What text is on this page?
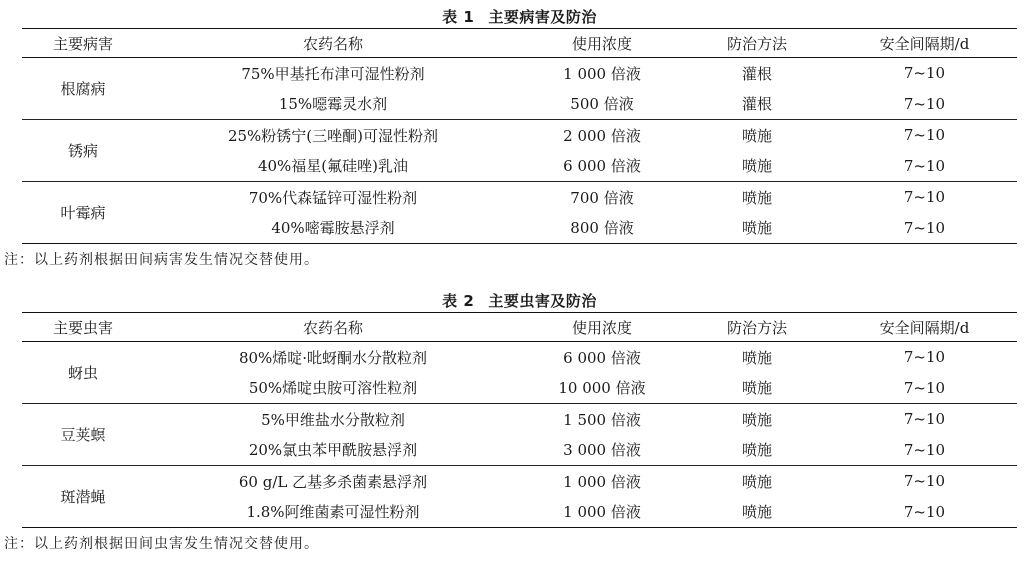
表 1 主要病害及防治
主要病害	农药名称	使用浓度	防治方法	安全间隔期/d
根腐病	75%甲基托布津可湿性粉剂	1 000 倍液	灌根	7~10
	15%噁霉灵水剂	500 倍液	灌根	7~10
锈病	25%粉锈宁(三唑酮)可湿性粉剂	2 000 倍液	喷施	7~10
	40%福星(氟硅唑)乳油	6 000 倍液	喷施	7~10
叶霉病	70%代森锰锌可湿性粉剂	700 倍液	喷施	7~10
	40%嘧霉胺悬浮剂	800 倍液	喷施	7~10
注：以上药剂根据田间病害发生情况交替使用。
表 2 主要虫害及防治
主要虫害	农药名称	使用浓度	防治方法	安全间隔期/d
蚜虫	80%烯啶·吡蚜酮水分散粒剂	6 000 倍液	喷施	7~10
	50%烯啶虫胺可溶性粒剂	10 000 倍液	喷施	7~10
豆荚螟	5%甲维盐水分散粒剂	1 500 倍液	喷施	7~10
	20%氯虫苯甲酰胺悬浮剂	3 000 倍液	喷施	7~10
斑潜蝇	60 g/L 乙基多杀菌素悬浮剂	1 000 倍液	喷施	7~10
	1.8%阿维菌素可湿性粉剂	1 000 倍液	喷施	7~10
注：以上药剂根据田间虫害发生情况交替使用。
